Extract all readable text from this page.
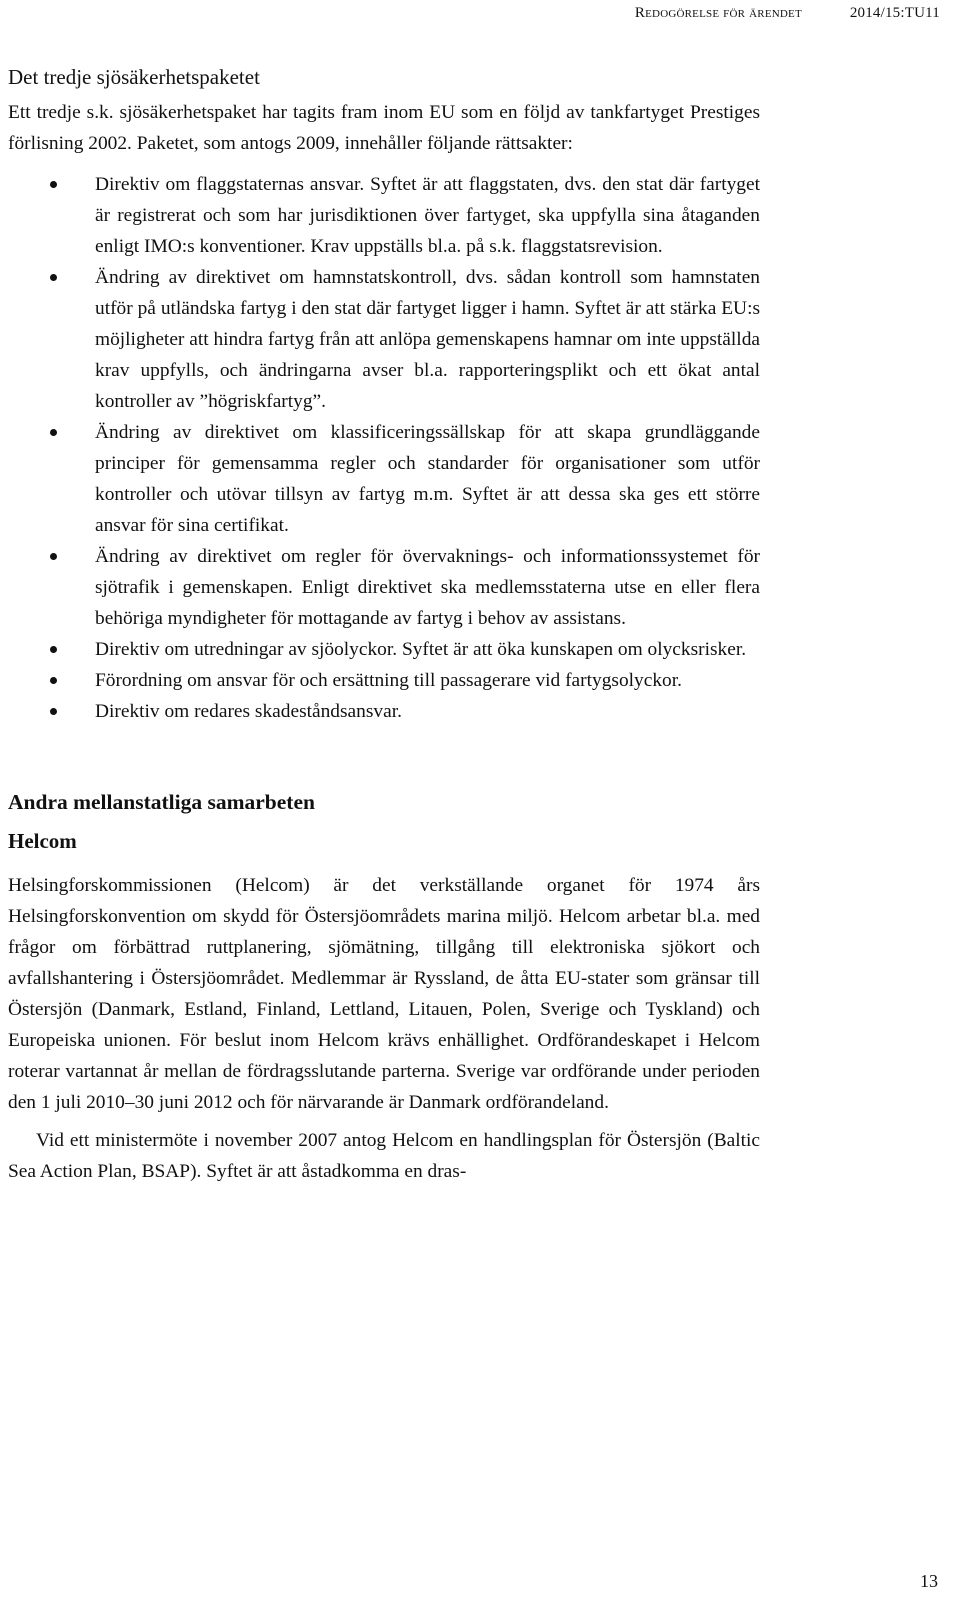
Redogörelse för ärendet	2014/15:TU11
Det tredje sjösäkerhetspaketet

Ett tredje s.k. sjösäkerhetspaket har tagits fram inom EU som en följd av tankfartyget Prestiges förlisning 2002. Paketet, som antogs 2009, innehåller följande rättsakter:

Direktiv om flaggstaternas ansvar. Syftet är att flaggstaten, dvs. den stat där fartyget är registrerat och som har jurisdiktionen över fartyget, ska uppfylla sina åtaganden enligt IMO:s konventioner. Krav uppställs bl.a. på s.k. flaggstatsrevision.
Ändring av direktivet om hamnstatskontroll, dvs. sådan kontroll som hamnstaten utför på utländska fartyg i den stat där fartyget ligger i hamn. Syftet är att stärka EU:s möjligheter att hindra fartyg från att anlöpa gemenskapens hamnar om inte uppställda krav uppfylls, och ändringarna avser bl.a. rapporteringsplikt och ett ökat antal kontroller av ”högriskfartyg”.
Ändring av direktivet om klassificeringssällskap för att skapa grundläggande principer för gemensamma regler och standarder för organisationer som utför kontroller och utövar tillsyn av fartyg m.m. Syftet är att dessa ska ges ett större ansvar för sina certifikat.
Ändring av direktivet om regler för övervaknings- och informationssystemet för sjötrafik i gemenskapen. Enligt direktivet ska medlemsstaterna utse en eller flera behöriga myndigheter för mottagande av fartyg i behov av assistans.
Direktiv om utredningar av sjöolyckor. Syftet är att öka kunskapen om olycksrisker.
Förordning om ansvar för och ersättning till passagerare vid fartygsolyckor.
Direktiv om redares skadeståndsansvar.
Andra mellanstatliga samarbeten
Helcom

Helsingforskommissionen (Helcom) är det verkställande organet för 1974 års Helsingforskonvention om skydd för Östersjöområdets marina miljö. Helcom arbetar bl.a. med frågor om förbättrad ruttplanering, sjömätning, tillgång till elektroniska sjökort och avfallshantering i Östersjöområdet. Medlemmar är Ryssland, de åtta EU-stater som gränsar till Östersjön (Danmark, Estland, Finland, Lettland, Litauen, Polen, Sverige och Tyskland) och Europeiska unionen. För beslut inom Helcom krävs enhällighet. Ordförandeskapet i Helcom roterar vartannat år mellan de fördragsslutande parterna. Sverige var ordförande under perioden den 1 juli 2010–30 juni 2012 och för närvarande är Danmark ordförandeland.

Vid ett ministermöte i november 2007 antog Helcom en handlingsplan för Östersjön (Baltic Sea Action Plan, BSAP). Syftet är att åstadkomma en dras-

13
